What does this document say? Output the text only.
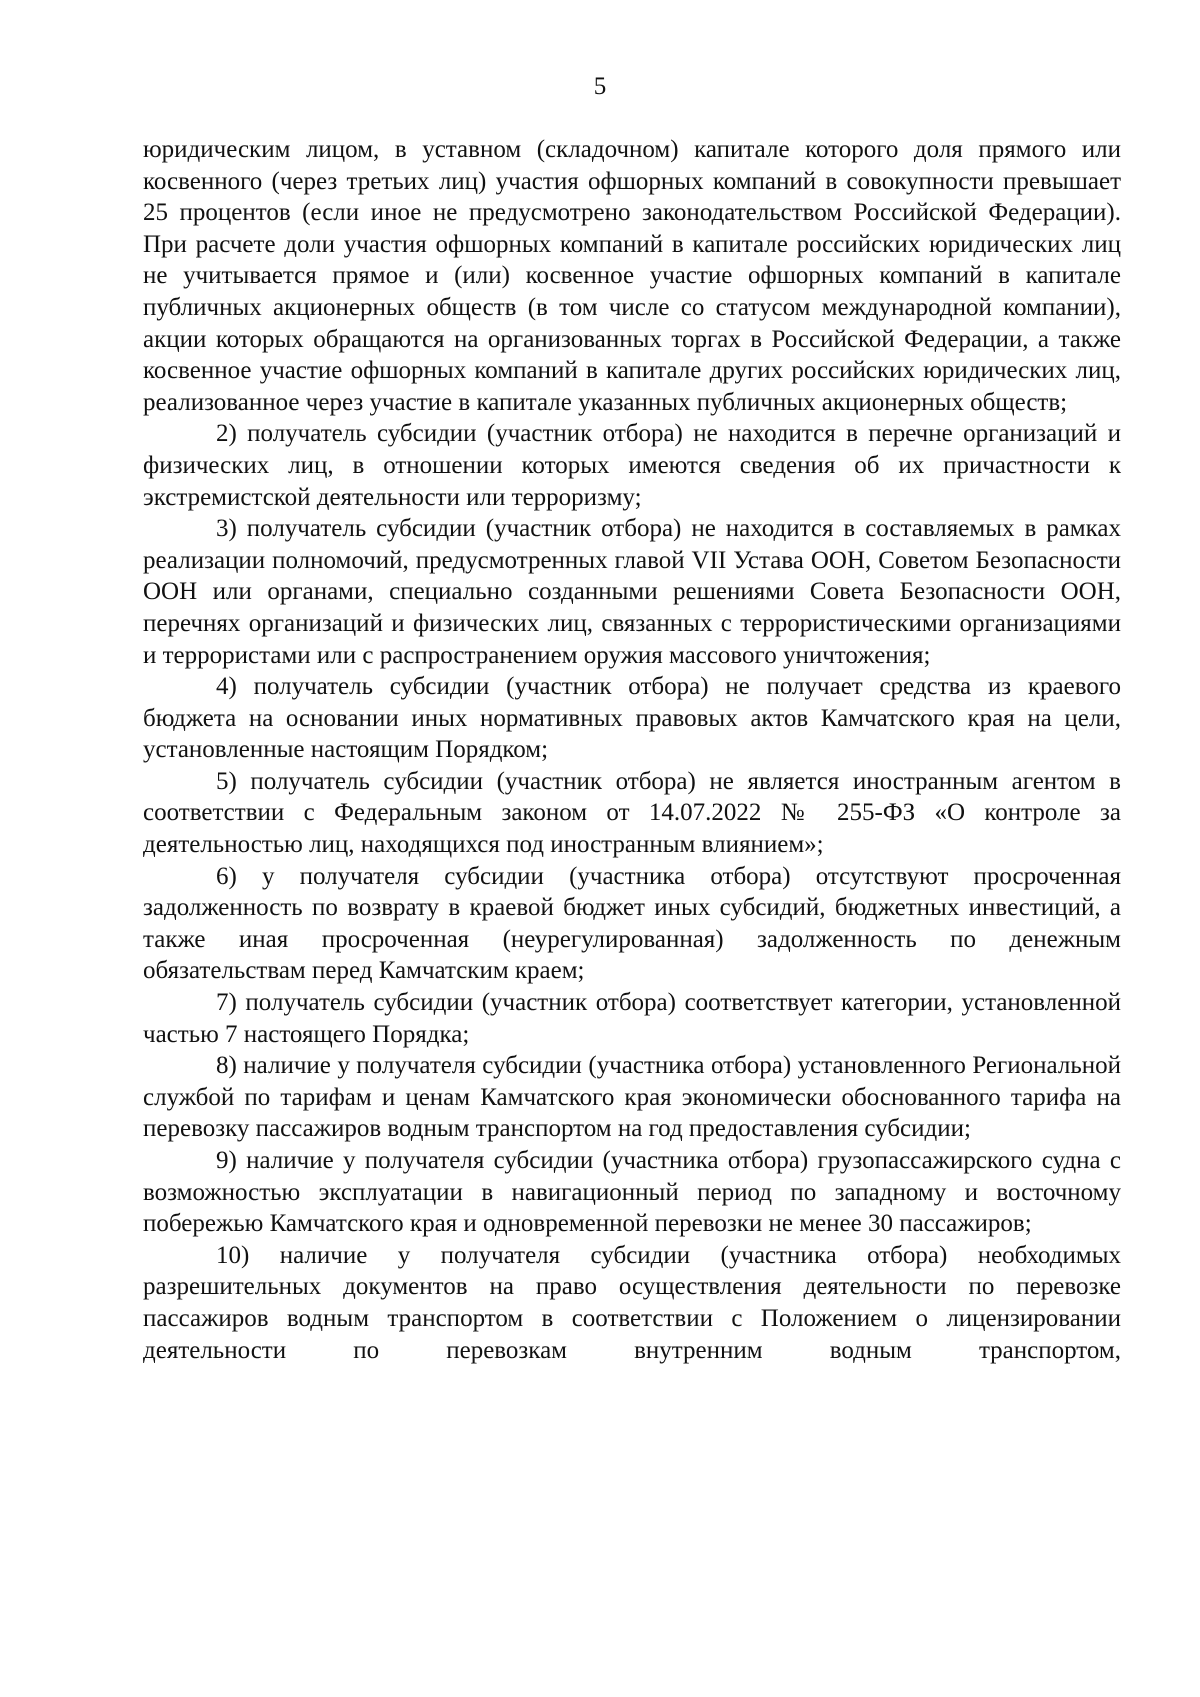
5

юридическим лицом, в уставном (складочном) капитале которого доля прямого или косвенного (через третьих лиц) участия офшорных компаний в совокупности превышает 25 процентов (если иное не предусмотрено законодательством Российской Федерации). При расчете доли участия офшорных компаний в капитале российских юридических лиц не учитывается прямое и (или) косвенное участие офшорных компаний в капитале публичных акционерных обществ (в том числе со статусом международной компании), акции которых обращаются на организованных торгах в Российской Федерации, а также косвенное участие офшорных компаний в капитале других российских юридических лиц, реализованное через участие в капитале указанных публичных акционерных обществ;

2) получатель субсидии (участник отбора) не находится в перечне организаций и физических лиц, в отношении которых имеются сведения об их причастности к экстремистской деятельности или терроризму;

3) получатель субсидии (участник отбора) не находится в составляемых в рамках реализации полномочий, предусмотренных главой VII Устава ООН, Советом Безопасности ООН или органами, специально созданными решениями Совета Безопасности ООН, перечнях организаций и физических лиц, связанных с террористическими организациями и террористами или с распространением оружия массового уничтожения;

4) получатель субсидии (участник отбора) не получает средства из краевого бюджета на основании иных нормативных правовых актов Камчатского края на цели, установленные настоящим Порядком;

5) получатель субсидии (участник отбора) не является иностранным агентом в соответствии с Федеральным законом от 14.07.2022 № 255-ФЗ «О контроле за деятельностью лиц, находящихся под иностранным влиянием»;

6) у получателя субсидии (участника отбора) отсутствуют просроченная задолженность по возврату в краевой бюджет иных субсидий, бюджетных инвестиций, а также иная просроченная (неурегулированная) задолженность по денежным обязательствам перед Камчатским краем;

7) получатель субсидии (участник отбора) соответствует категории, установленной частью 7 настоящего Порядка;

8) наличие у получателя субсидии (участника отбора) установленного Региональной службой по тарифам и ценам Камчатского края экономически обоснованного тарифа на перевозку пассажиров водным транспортом на год предоставления субсидии;

9) наличие у получателя субсидии (участника отбора) грузопассажирского судна с возможностью эксплуатации в навигационный период по западному и восточному побережью Камчатского края и одновременной перевозки не менее 30 пассажиров;

10) наличие у получателя субсидии (участника отбора) необходимых разрешительных документов на право осуществления деятельности по перевозке пассажиров водным транспортом в соответствии с Положением о лицензировании деятельности по перевозкам внутренним водным транспортом,
